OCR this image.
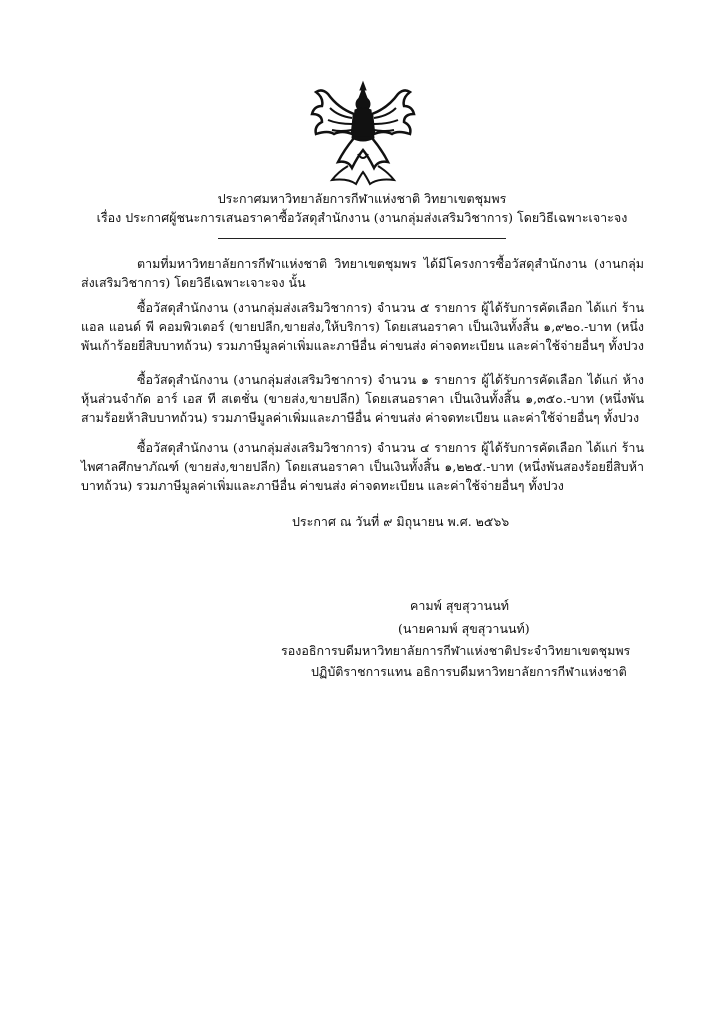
ประกาศมหาวิทยาลัยการกีฬาแห่งชาติ วิทยาเขตชุมพร
เรื่อง ประกาศผู้ชนะการเสนอราคาซื้อวัสดุสำนักงาน (งานกลุ่มส่งเสริมวิชาการ) โดยวิธีเฉพาะเจาะจง

ตามที่มหาวิทยาลัยการกีฬาแห่งชาติ วิทยาเขตชุมพร ได้มีโครงการซื้อวัสดุสำนักงาน (งานกลุ่มส่งเสริมวิชาการ) โดยวิธีเฉพาะเจาะจง นั้น

ซื้อวัสดุสำนักงาน (งานกลุ่มส่งเสริมวิชาการ) จำนวน ๕ รายการ ผู้ได้รับการคัดเลือก ได้แก่ ร้านแอล แอนด์ พี คอมพิวเตอร์ (ขายปลีก,ขายส่ง,ให้บริการ) โดยเสนอราคา เป็นเงินทั้งสิ้น ๑,๙๒๐.-บาท (หนึ่งพันเก้าร้อยยี่สิบบาทถ้วน) รวมภาษีมูลค่าเพิ่มและภาษีอื่น ค่าขนส่ง ค่าจดทะเบียน และค่าใช้จ่ายอื่นๆ ทั้งปวง

ซื้อวัสดุสำนักงาน (งานกลุ่มส่งเสริมวิชาการ) จำนวน ๑ รายการ ผู้ได้รับการคัดเลือก ได้แก่ ห้างหุ้นส่วนจำกัด อาร์ เอส ที สเตชั่น (ขายส่ง,ขายปลีก) โดยเสนอราคา เป็นเงินทั้งสิ้น ๑,๓๕๐.-บาท (หนึ่งพันสามร้อยห้าสิบบาทถ้วน) รวมภาษีมูลค่าเพิ่มและภาษีอื่น ค่าขนส่ง ค่าจดทะเบียน และค่าใช้จ่ายอื่นๆ ทั้งปวง

ซื้อวัสดุสำนักงาน (งานกลุ่มส่งเสริมวิชาการ) จำนวน ๔ รายการ ผู้ได้รับการคัดเลือก ได้แก่ ร้านไพศาลศึกษาภัณฑ์ (ขายส่ง,ขายปลีก) โดยเสนอราคา เป็นเงินทั้งสิ้น ๑,๒๒๕.-บาท (หนึ่งพันสองร้อยยี่สิบห้าบาทถ้วน) รวมภาษีมูลค่าเพิ่มและภาษีอื่น ค่าขนส่ง ค่าจดทะเบียน และค่าใช้จ่ายอื่นๆ ทั้งปวง

ประกาศ ณ วันที่ ๙ มิถุนายน พ.ศ. ๒๕๖๖
คามพ์ สุขสุวานนท์
(นายคามพ์ สุขสุวานนท์)
รองอธิการบดีมหาวิทยาลัยการกีฬาแห่งชาติประจำวิทยาเขตชุมพร
ปฏิบัติราชการแทน อธิการบดีมหาวิทยาลัยการกีฬาแห่งชาติ
